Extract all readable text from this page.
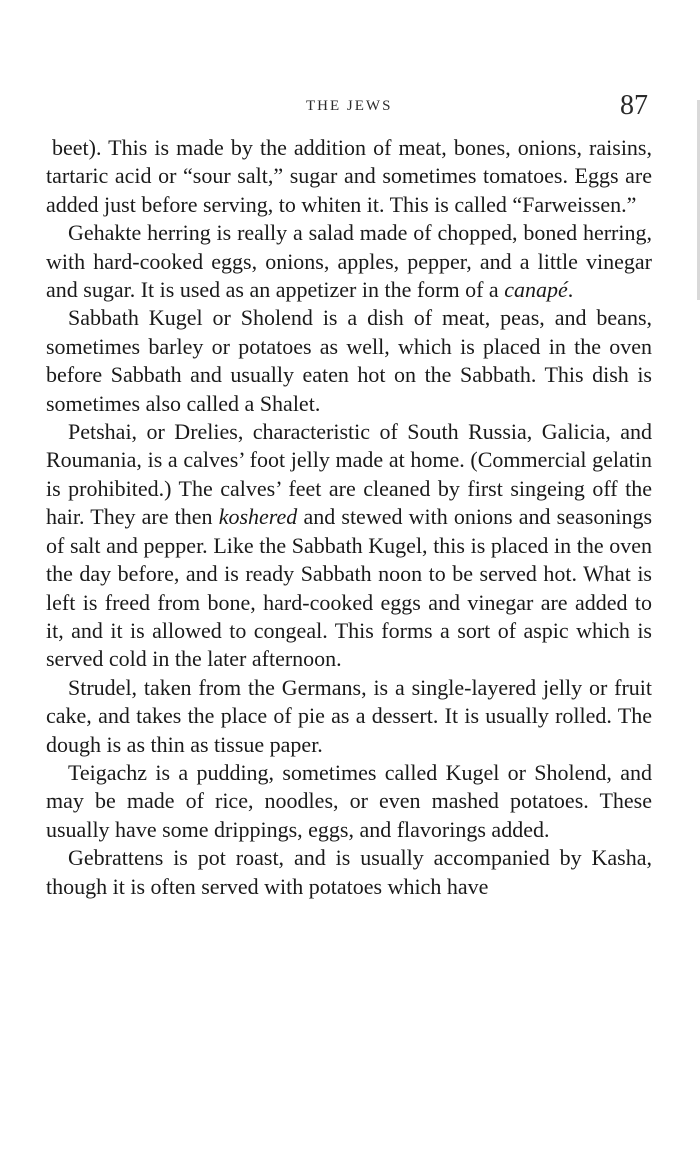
THE JEWS	87

beet). This is made by the addition of meat, bones, onions, raisins, tartaric acid or “sour salt,” sugar and sometimes tomatoes. Eggs are added just before serving, to whiten it. This is called “Farweissen.”

Gehakte herring is really a salad made of chopped, boned herring, with hard-cooked eggs, onions, apples, pepper, and a little vinegar and sugar. It is used as an appetizer in the form of a canapé.

Sabbath Kugel or Sholend is a dish of meat, peas, and beans, sometimes barley or potatoes as well, which is placed in the oven before Sabbath and usually eaten hot on the Sabbath. This dish is sometimes also called a Shalet.

Petshai, or Drelies, characteristic of South Russia, Galicia, and Roumania, is a calves’ foot jelly made at home. (Commercial gelatin is prohibited.) The calves’ feet are cleaned by first singeing off the hair. They are then koshered and stewed with onions and seasonings of salt and pepper. Like the Sabbath Kugel, this is placed in the oven the day before, and is ready Sabbath noon to be served hot. What is left is freed from bone, hard-cooked eggs and vinegar are added to it, and it is allowed to congeal. This forms a sort of aspic which is served cold in the later afternoon.

Strudel, taken from the Germans, is a single-layered jelly or fruit cake, and takes the place of pie as a dessert. It is usually rolled. The dough is as thin as tissue paper.

Teigachz is a pudding, sometimes called Kugel or Sholend, and may be made of rice, noodles, or even mashed potatoes. These usually have some drippings, eggs, and flavorings added.

Gebrattens is pot roast, and is usually accompanied by Kasha, though it is often served with potatoes which have
